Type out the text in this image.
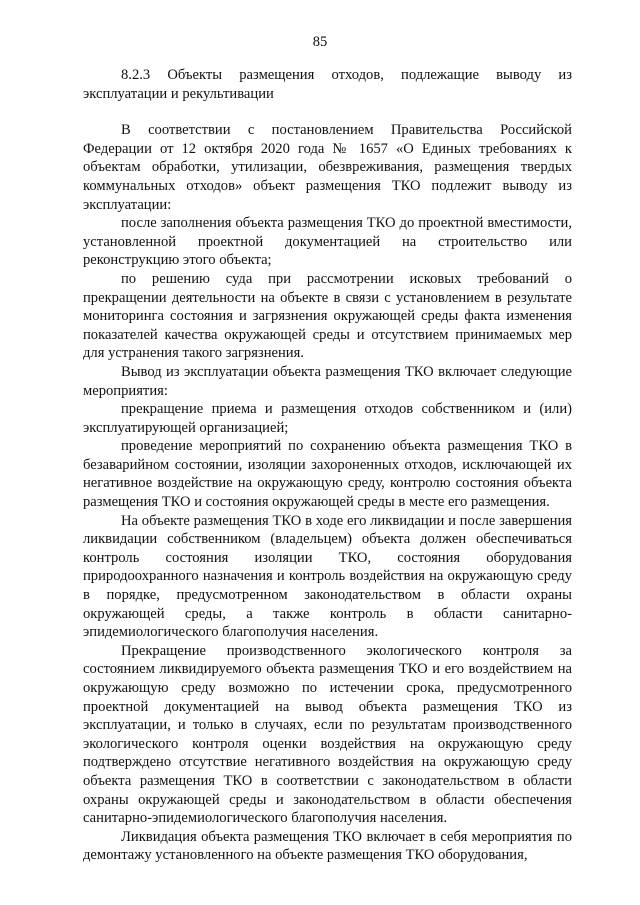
85

8.2.3 Объекты размещения отходов, подлежащие выводу из эксплуатации и рекультивации

В соответствии с постановлением Правительства Российской Федерации от 12 октября 2020 года № 1657 «О Единых требованиях к объектам обработки, утилизации, обезвреживания, размещения твердых коммунальных отходов» объект размещения ТКО подлежит выводу из эксплуатации:

после заполнения объекта размещения ТКО до проектной вместимости, установленной проектной документацией на строительство или реконструкцию этого объекта;

по решению суда при рассмотрении исковых требований о прекращении деятельности на объекте в связи с установлением в результате мониторинга состояния и загрязнения окружающей среды факта изменения показателей качества окружающей среды и отсутствием принимаемых мер для устранения такого загрязнения.

Вывод из эксплуатации объекта размещения ТКО включает следующие мероприятия:

прекращение приема и размещения отходов собственником и (или) эксплуатирующей организацией;

проведение мероприятий по сохранению объекта размещения ТКО в безаварийном состоянии, изоляции захороненных отходов, исключающей их негативное воздействие на окружающую среду, контролю состояния объекта размещения ТКО и состояния окружающей среды в месте его размещения.

На объекте размещения ТКО в ходе его ликвидации и после завершения ликвидации собственником (владельцем) объекта должен обеспечиваться контроль состояния изоляции ТКО, состояния оборудования природоохранного назначения и контроль воздействия на окружающую среду в порядке, предусмотренном законодательством в области охраны окружающей среды, а также контроль в области санитарно-эпидемиологического благополучия населения.

Прекращение производственного экологического контроля за состоянием ликвидируемого объекта размещения ТКО и его воздействием на окружающую среду возможно по истечении срока, предусмотренного проектной документацией на вывод объекта размещения ТКО из эксплуатации, и только в случаях, если по результатам производственного экологического контроля оценки воздействия на окружающую среду подтверждено отсутствие негативного воздействия на окружающую среду объекта размещения ТКО в соответствии с законодательством в области охраны окружающей среды и законодательством в области обеспечения санитарно-эпидемиологического благополучия населения.

Ликвидация объекта размещения ТКО включает в себя мероприятия по демонтажу установленного на объекте размещения ТКО оборудования,
